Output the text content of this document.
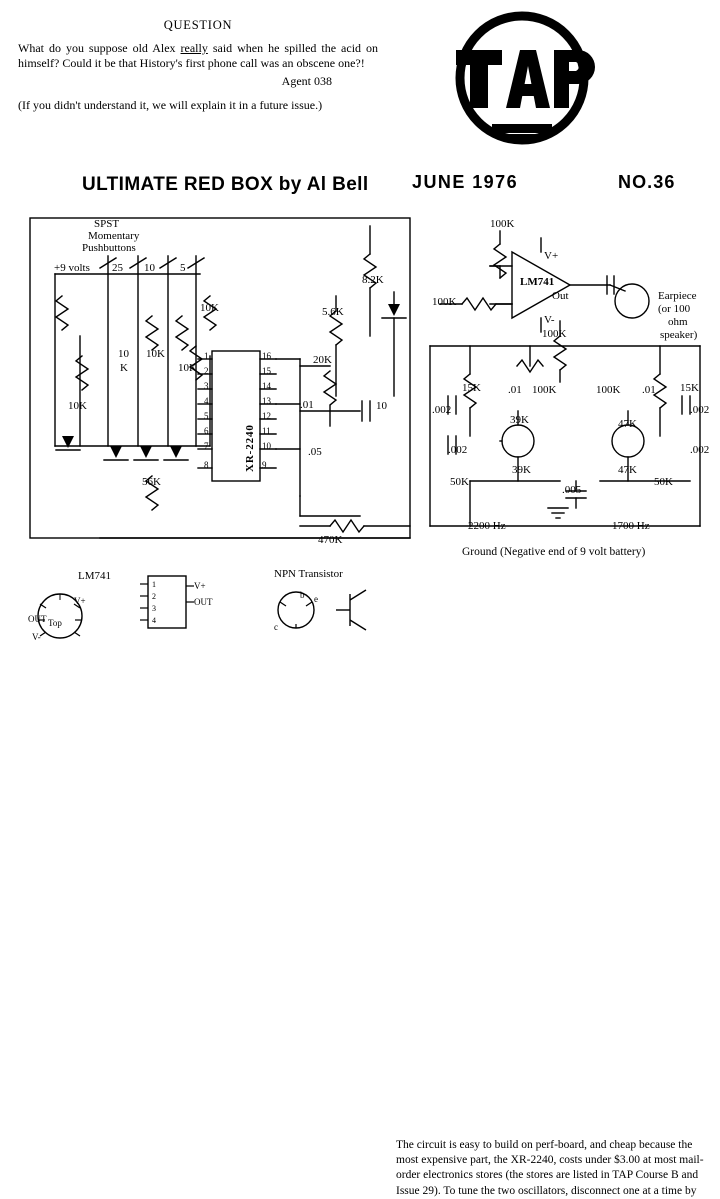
QUESTION
What do you suppose old Alex really said when he spilled the acid on himself? Could it be that History's first phone call was an obscene one?!
Agent 038
(If you didn't understand it, we will explain it in a future issue.)
ULTIMATE RED BOX by Al Bell JUNE 1976	NO.36
SPST
Momentary
Pushbuttons
+9 volts 25 10 5
10K
10 10K
K	10K
10K
56K
8.2K
5.6K
20K
1
2
3
4
5
6
7
8
16
15
14
13
12
11
10
9
XR-2240
.01	10
.05
470K
100K
100K
V+
LM741
Out
V-
100K
Earpiece
(or 100
ohm
speaker)
15K .01 100K	100K .01 15K
.002
.002
.002
.002
39K
39K
47K
47K
50K	50K
.005
2200 Hz	1700 Hz
Ground (Negative end of 9 volt battery)
LM741
V+
OUT Top
V-
1
2
3
4
V+
OUT
NPN Transistor
e
b
c
The circuit is easy to build on perf-board, and cheap because the most expensive part, the XR-2240, costs under $3.00 at most mail-order electronics stores (the stores are listed in TAP Course B and Issue 29). To tune the two oscillators, disconnect one at a time by
